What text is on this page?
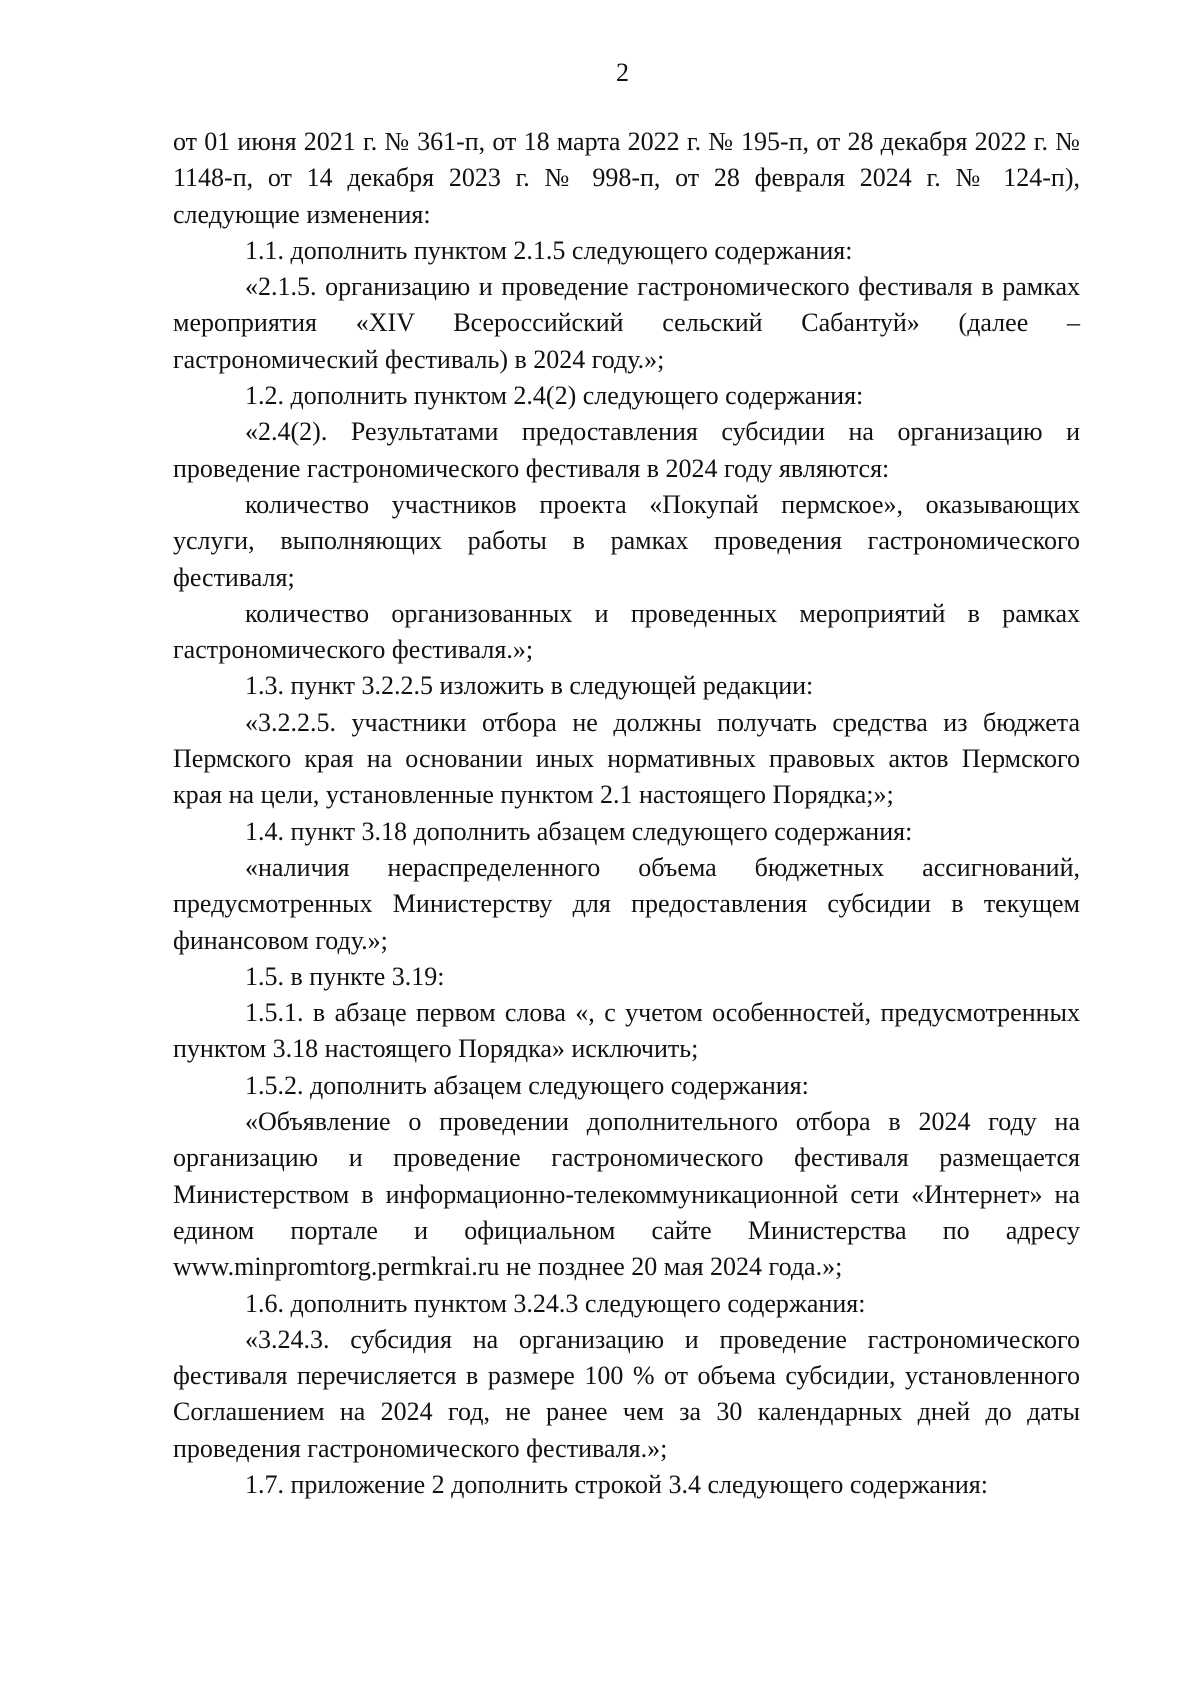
2

от 01 июня 2021 г. № 361-п, от 18 марта 2022 г. № 195-п, от 28 декабря 2022 г. № 1148-п, от 14 декабря 2023 г. № 998-п, от 28 февраля 2024 г. № 124-п), следующие изменения:

1.1. дополнить пунктом 2.1.5 следующего содержания:

«2.1.5. организацию и проведение гастрономического фестиваля в рамках мероприятия «XIV Всероссийский сельский Сабантуй» (далее – гастрономический фестиваль) в 2024 году.»;

1.2. дополнить пунктом 2.4(2) следующего содержания:

«2.4(2). Результатами предоставления субсидии на организацию и проведение гастрономического фестиваля в 2024 году являются:

количество участников проекта «Покупай пермское», оказывающих услуги, выполняющих работы в рамках проведения гастрономического фестиваля;

количество организованных и проведенных мероприятий в рамках гастрономического фестиваля.»;

1.3. пункт 3.2.2.5 изложить в следующей редакции:

«3.2.2.5. участники отбора не должны получать средства из бюджета Пермского края на основании иных нормативных правовых актов Пермского края на цели, установленные пунктом 2.1 настоящего Порядка;»;

1.4. пункт 3.18 дополнить абзацем следующего содержания:

«наличия нераспределенного объема бюджетных ассигнований, предусмотренных Министерству для предоставления субсидии в текущем финансовом году.»;

1.5. в пункте 3.19:

1.5.1. в абзаце первом слова «, с учетом особенностей, предусмотренных пунктом 3.18 настоящего Порядка» исключить;

1.5.2. дополнить абзацем следующего содержания:

«Объявление о проведении дополнительного отбора в 2024 году на организацию и проведение гастрономического фестиваля размещается Министерством в информационно-телекоммуникационной сети «Интернет» на едином портале и официальном сайте Министерства по адресу www.minpromtorg.permkrai.ru не позднее 20 мая 2024 года.»;

1.6. дополнить пунктом 3.24.3 следующего содержания:

«3.24.3. субсидия на организацию и проведение гастрономического фестиваля перечисляется в размере 100 % от объема субсидии, установленного Соглашением на 2024 год, не ранее чем за 30 календарных дней до даты проведения гастрономического фестиваля.»;

1.7. приложение 2 дополнить строкой 3.4 следующего содержания:
